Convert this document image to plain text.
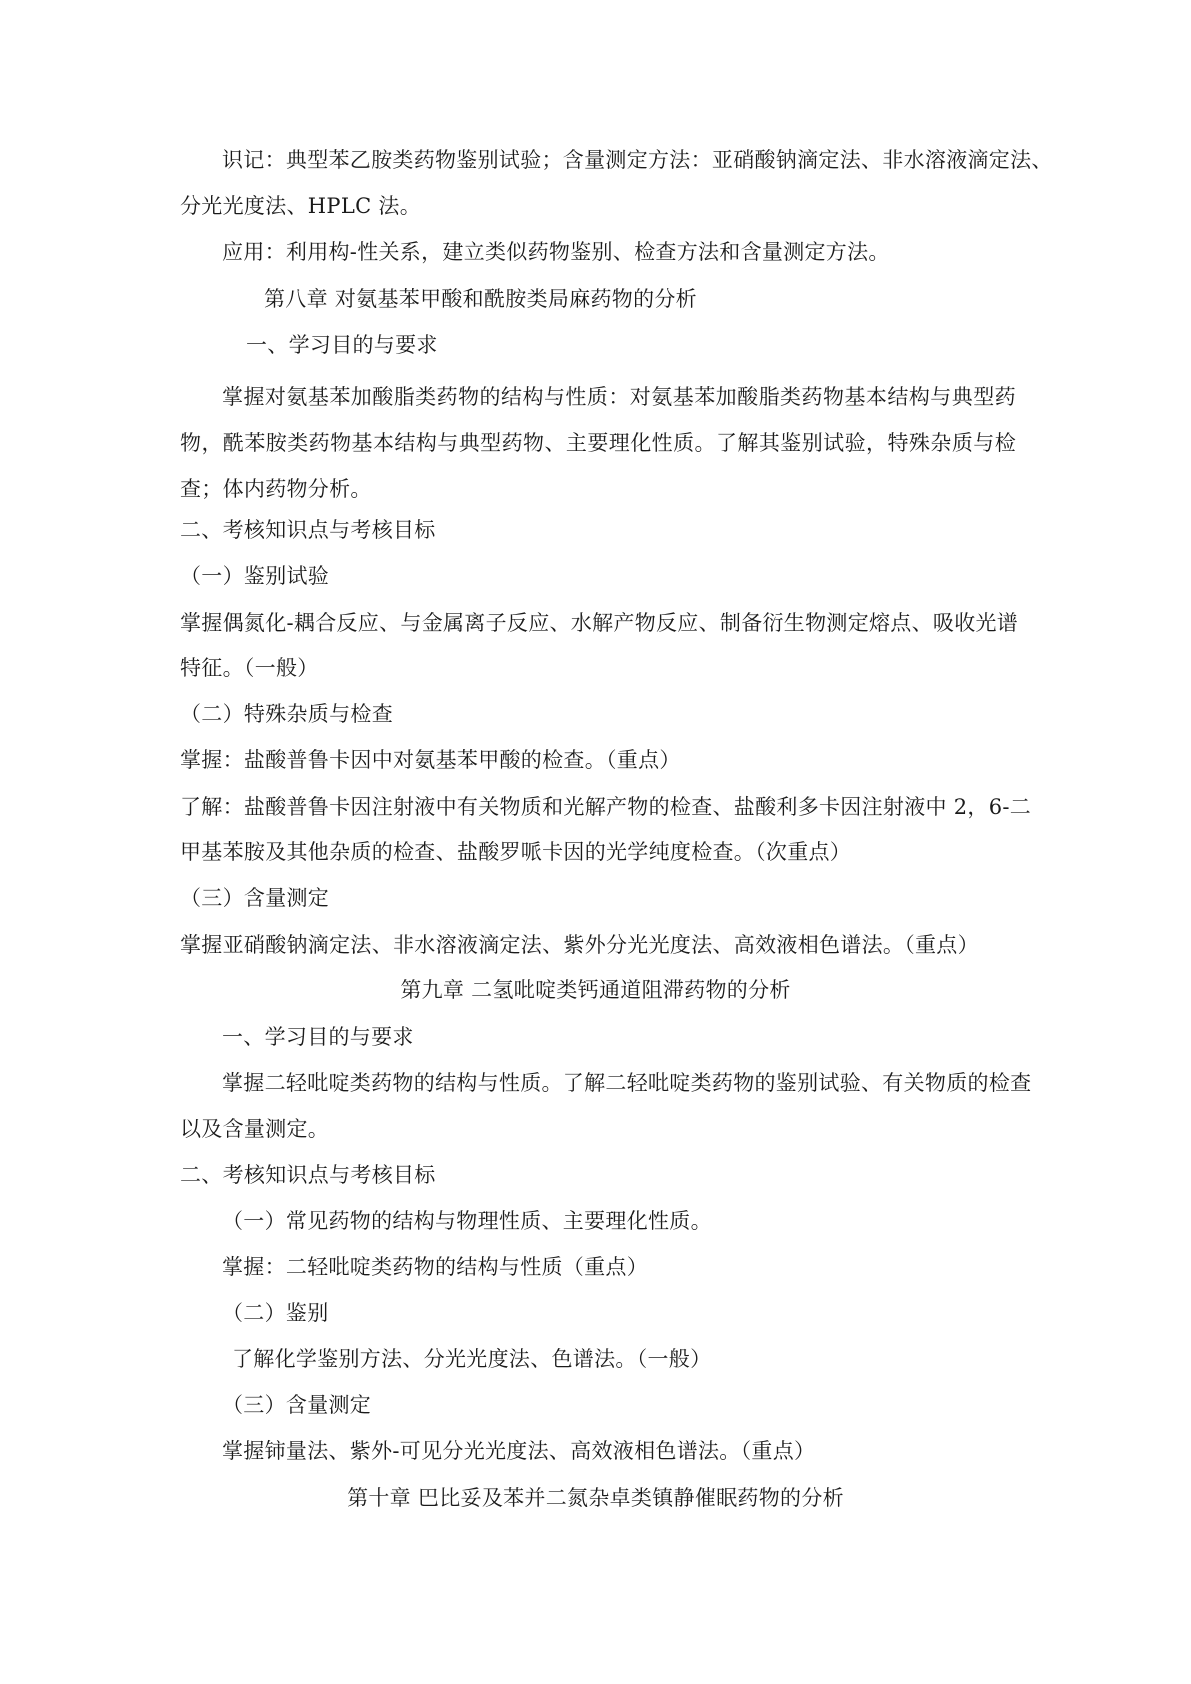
识记：典型苯乙胺类药物鉴别试验；含量测定方法：亚硝酸钠滴定法、非水溶液滴定法、
分光光度法、HPLC 法。
应用：利用构-性关系，建立类似药物鉴别、检查方法和含量测定方法。
第八章 对氨基苯甲酸和酰胺类局麻药物的分析
一、学习目的与要求
掌握对氨基苯加酸脂类药物的结构与性质：对氨基苯加酸脂类药物基本结构与典型药物，酰苯胺类药物基本结构与典型药物、主要理化性质。了解其鉴别试验，特殊杂质与检查；体内药物分析。
二、考核知识点与考核目标
（一）鉴别试验
掌握偶氮化-耦合反应、与金属离子反应、水解产物反应、制备衍生物测定熔点、吸收光谱
特征。（一般）
（二）特殊杂质与检查
掌握：盐酸普鲁卡因中对氨基苯甲酸的检查。（重点）
了解：盐酸普鲁卡因注射液中有关物质和光解产物的检查、盐酸利多卡因注射液中 2，6-二
甲基苯胺及其他杂质的检查、盐酸罗哌卡因的光学纯度检查。（次重点）
（三）含量测定
掌握亚硝酸钠滴定法、非水溶液滴定法、紫外分光光度法、高效液相色谱法。（重点）
第九章 二氢吡啶类钙通道阻滞药物的分析
一、学习目的与要求
掌握二轻吡啶类药物的结构与性质。了解二轻吡啶类药物的鉴别试验、有关物质的检查
以及含量测定。
二、考核知识点与考核目标
（一）常见药物的结构与物理性质、主要理化性质。
掌握：二轻吡啶类药物的结构与性质（重点）
（二）鉴别
了解化学鉴别方法、分光光度法、色谱法。（一般）
（三）含量测定
掌握铈量法、紫外-可见分光光度法、高效液相色谱法。（重点）
第十章 巴比妥及苯并二氮杂卓类镇静催眠药物的分析
